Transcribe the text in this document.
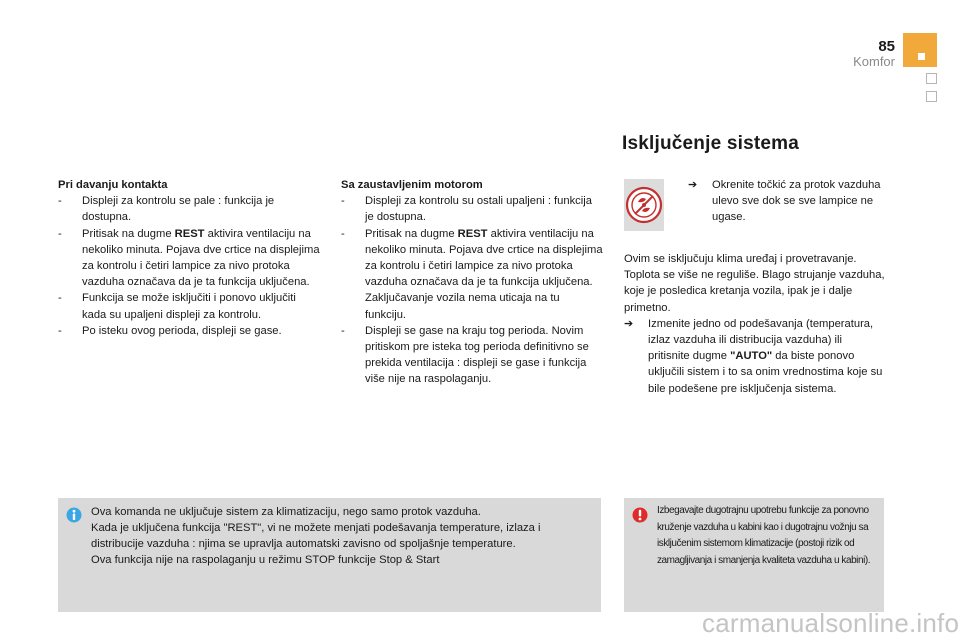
85
Komfor
Pri davanju kontakta
- Displeji za kontrolu se pale : funkcija je dostupna.
- Pritisak na dugme REST aktivira ventilaciju na nekoliko minuta. Pojava dve crtice na displejima za kontrolu i četiri lampice za nivo protoka vazduha označava da je ta funkcija uključena.
- Funkcija se može isključiti i ponovo uključiti kada su upaljeni displeji za kontrolu.
- Po isteku ovog perioda, displeji se gase.
Sa zaustavljenim motorom
- Displeji za kontrolu su ostali upaljeni : funkcija je dostupna.
- Pritisak na dugme REST aktivira ventilaciju na nekoliko minuta. Pojava dve crtice na displejima za kontrolu i četiri lampice za nivo protoka vazduha označava da je ta funkcija uključena.
Zaključavanje vozila nema uticaja na tu funkciju.
- Displeji se gase na kraju tog perioda. Novim pritiskom pre isteka tog perioda definitivno se prekida ventilacija : displeji se gase i funkcija više nije na raspolaganju.
Isključenje sistema
➔ Okrenite točkić za protok vazduha ulevo sve dok se sve lampice ne ugase.
Ovim se isključuju klima uređaj i provetravanje. Toplota se više ne reguliše. Blago strujanje vazduha, koje je posledica kretanja vozila, ipak je i dalje primetno.
➔ Izmenite jedno od podešavanja (temperatura, izlaz vazduha ili distribucija vazduha) ili pritisnite dugme "AUTO" da biste ponovo uključili sistem i to sa onim vrednostima koje su bile podešene pre isključenja sistema.
Ova komanda ne uključuje sistem za klimatizaciju, nego samo protok vazduha.
Kada je uključena funkcija "REST", vi ne možete menjati podešavanja temperature, izlaza i distribucije vazduha : njima se upravlja automatski zavisno od spoljašnje temperature.
Ova funkcija nije na raspolaganju u režimu STOP funkcije Stop & Start
Izbegavajte dugotrajnu upotrebu funkcije za ponovno kruženje vazduha u kabini kao i dugotrajnu vožnju sa isključenim sistemom klimatizacije (postoji rizik od zamagljivanja i smanjenja kvaliteta vazduha u kabini).
carmanualsonline.info
